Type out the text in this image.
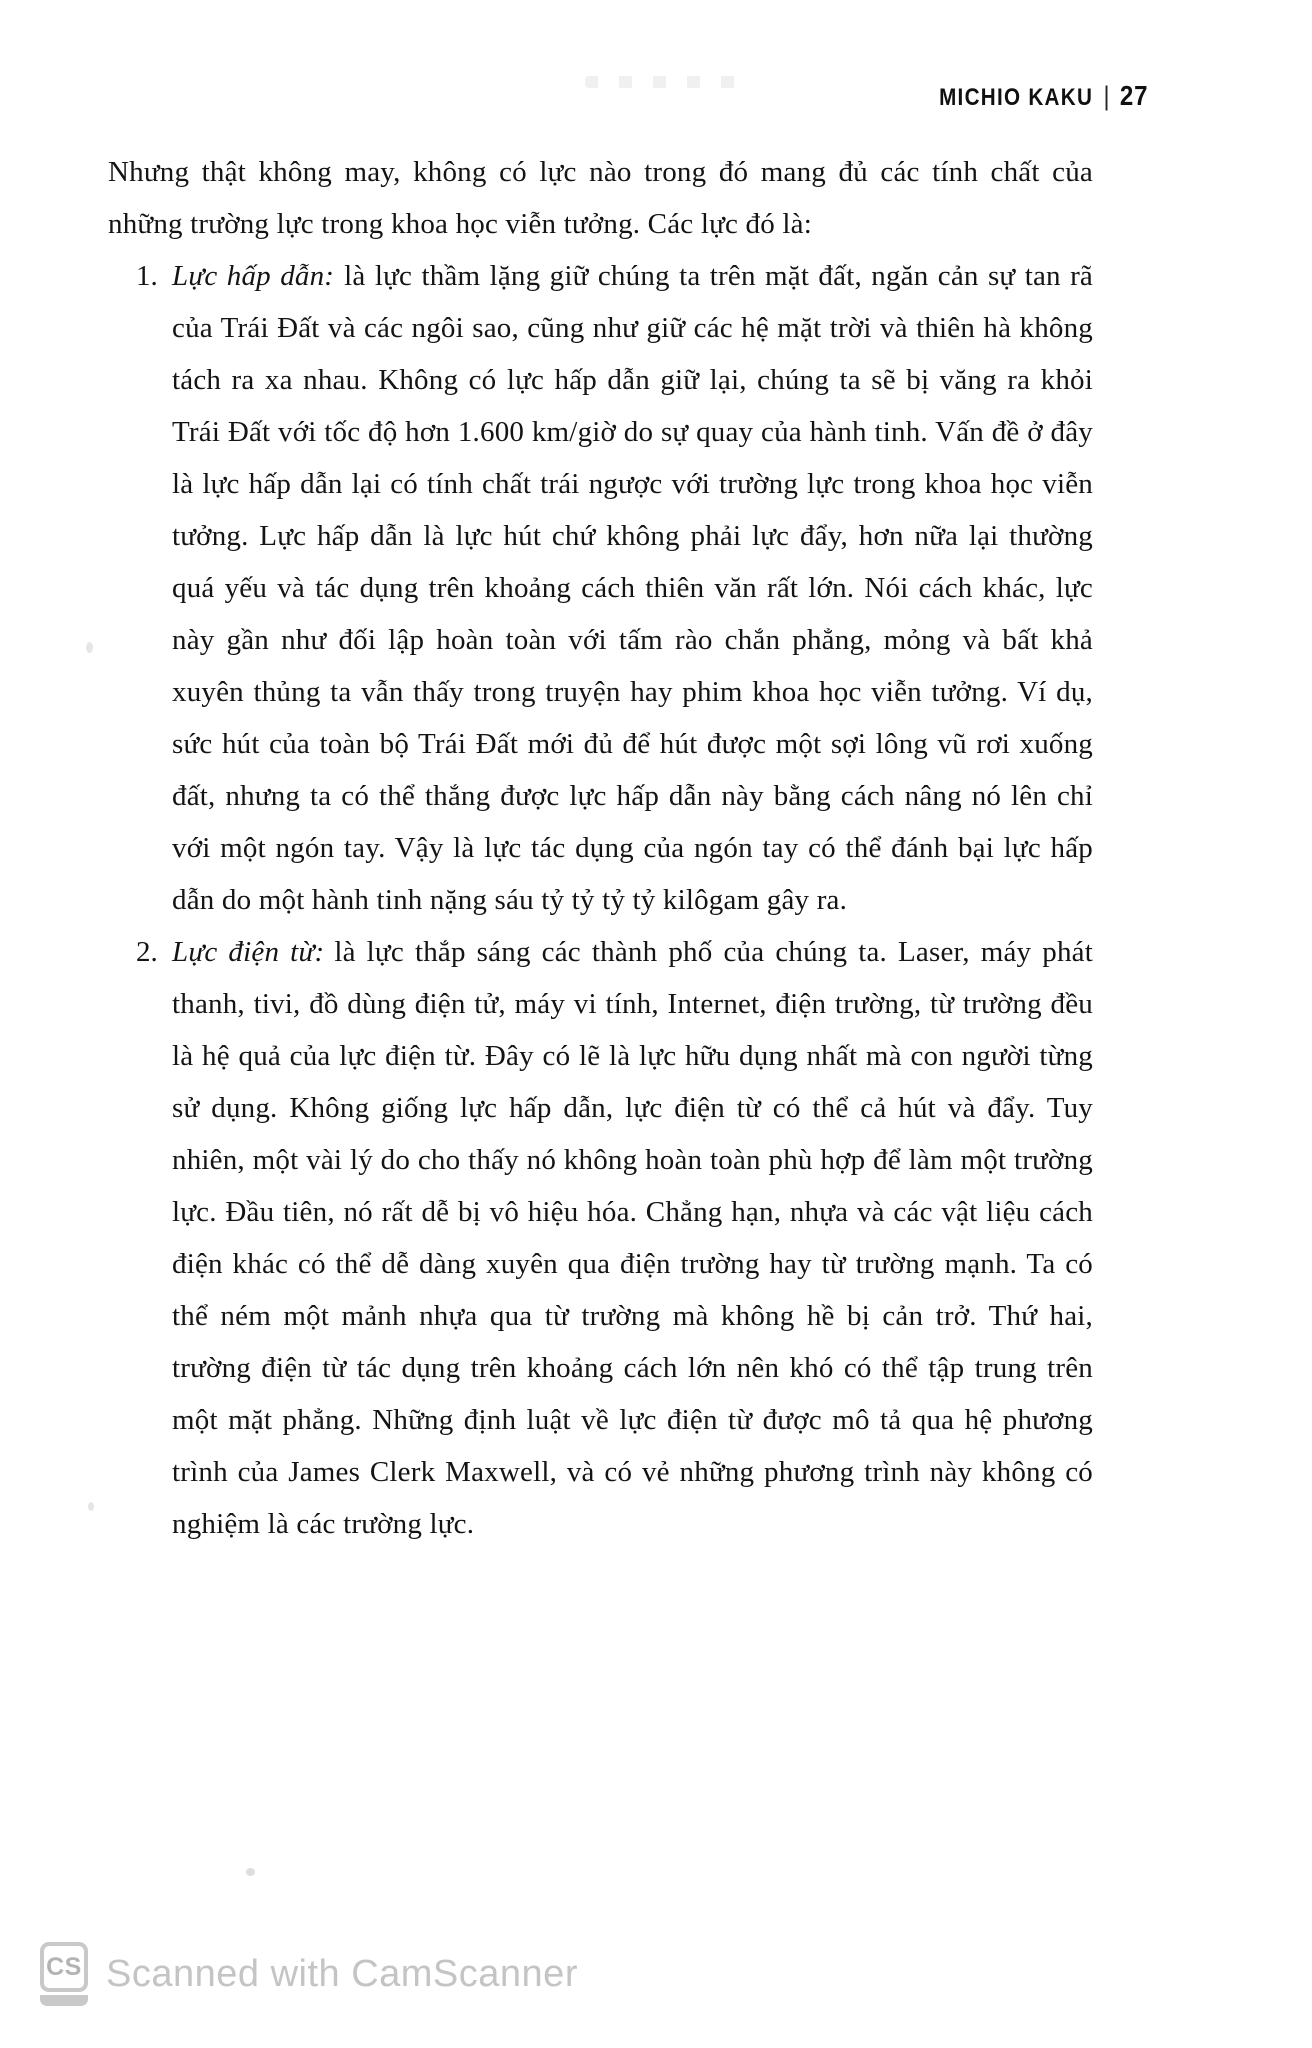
MICHIO KAKU | 27

Nhưng thật không may, không có lực nào trong đó mang đủ các tính chất của những trường lực trong khoa học viễn tưởng. Các lực đó là:

1. Lực hấp dẫn: là lực thầm lặng giữ chúng ta trên mặt đất, ngăn cản sự tan rã của Trái Đất và các ngôi sao, cũng như giữ các hệ mặt trời và thiên hà không tách ra xa nhau. Không có lực hấp dẫn giữ lại, chúng ta sẽ bị văng ra khỏi Trái Đất với tốc độ hơn 1.600 km/giờ do sự quay của hành tinh. Vấn đề ở đây là lực hấp dẫn lại có tính chất trái ngược với trường lực trong khoa học viễn tưởng. Lực hấp dẫn là lực hút chứ không phải lực đẩy, hơn nữa lại thường quá yếu và tác dụng trên khoảng cách thiên văn rất lớn. Nói cách khác, lực này gần như đối lập hoàn toàn với tấm rào chắn phẳng, mỏng và bất khả xuyên thủng ta vẫn thấy trong truyện hay phim khoa học viễn tưởng. Ví dụ, sức hút của toàn bộ Trái Đất mới đủ để hút được một sợi lông vũ rơi xuống đất, nhưng ta có thể thắng được lực hấp dẫn này bằng cách nâng nó lên chỉ với một ngón tay. Vậy là lực tác dụng của ngón tay có thể đánh bại lực hấp dẫn do một hành tinh nặng sáu tỷ tỷ tỷ tỷ kilôgam gây ra.

2. Lực điện từ: là lực thắp sáng các thành phố của chúng ta. Laser, máy phát thanh, tivi, đồ dùng điện tử, máy vi tính, Internet, điện trường, từ trường đều là hệ quả của lực điện từ. Đây có lẽ là lực hữu dụng nhất mà con người từng sử dụng. Không giống lực hấp dẫn, lực điện từ có thể cả hút và đẩy. Tuy nhiên, một vài lý do cho thấy nó không hoàn toàn phù hợp để làm một trường lực. Đầu tiên, nó rất dễ bị vô hiệu hóa. Chẳng hạn, nhựa và các vật liệu cách điện khác có thể dễ dàng xuyên qua điện trường hay từ trường mạnh. Ta có thể ném một mảnh nhựa qua từ trường mà không hề bị cản trở. Thứ hai, trường điện từ tác dụng trên khoảng cách lớn nên khó có thể tập trung trên một mặt phẳng. Những định luật về lực điện từ được mô tả qua hệ phương trình của James Clerk Maxwell, và có vẻ những phương trình này không có nghiệm là các trường lực.

CS Scanned with CamScanner
